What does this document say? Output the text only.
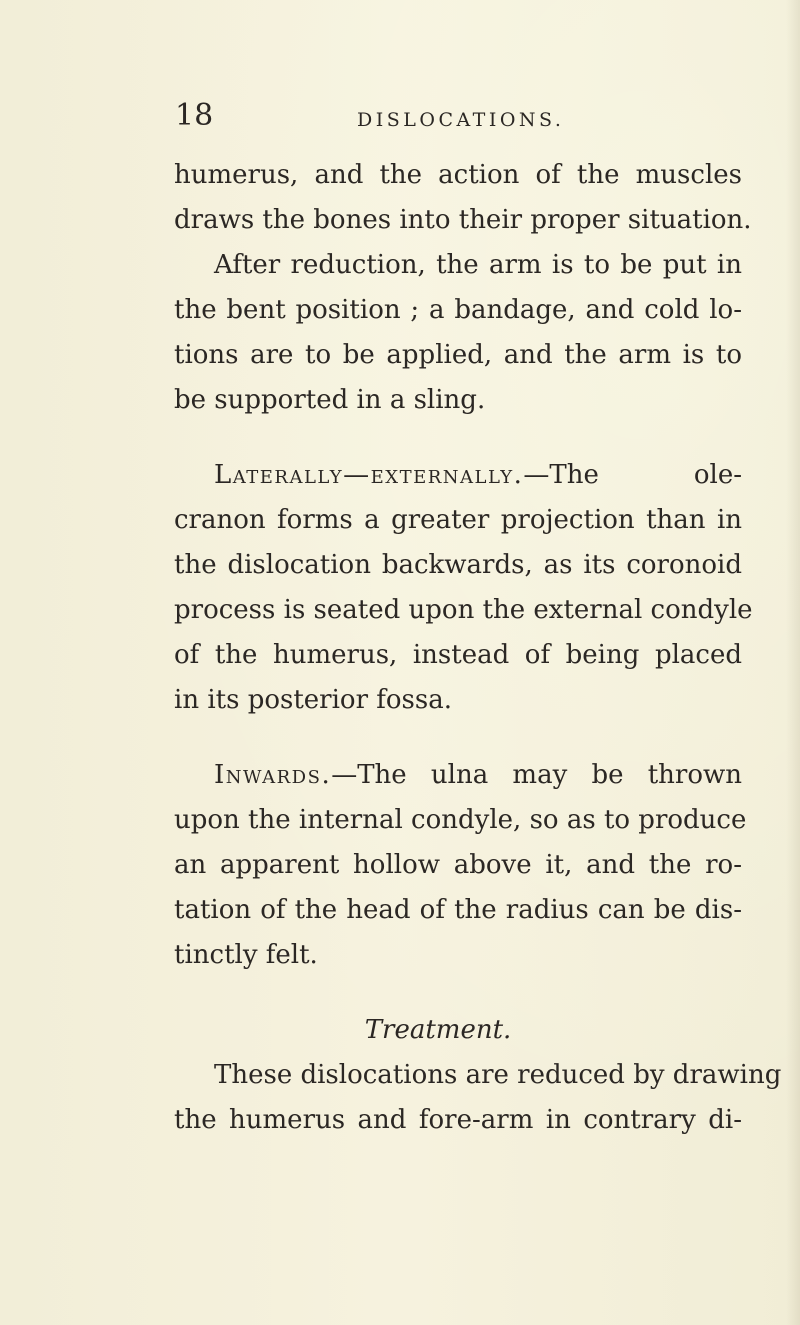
18	DISLOCATIONS.
humerus, and the action of the muscles
draws the bones into their proper situation.
After reduction, the arm is to be put in
the bent position ; a bandage, and cold lo-
tions are to be applied, and the arm is to
be supported in a sling.
Laterally—externally.—The ole-
cranon forms a greater projection than in
the dislocation backwards, as its coronoid
process is seated upon the external condyle
of the humerus, instead of being placed
in its posterior fossa.
Inwards.—The ulna may be thrown
upon the internal condyle, so as to produce
an apparent hollow above it, and the ro-
tation of the head of the radius can be dis-
tinctly felt.
Treatment.
These dislocations are reduced by drawing
the humerus and fore-arm in contrary di-
